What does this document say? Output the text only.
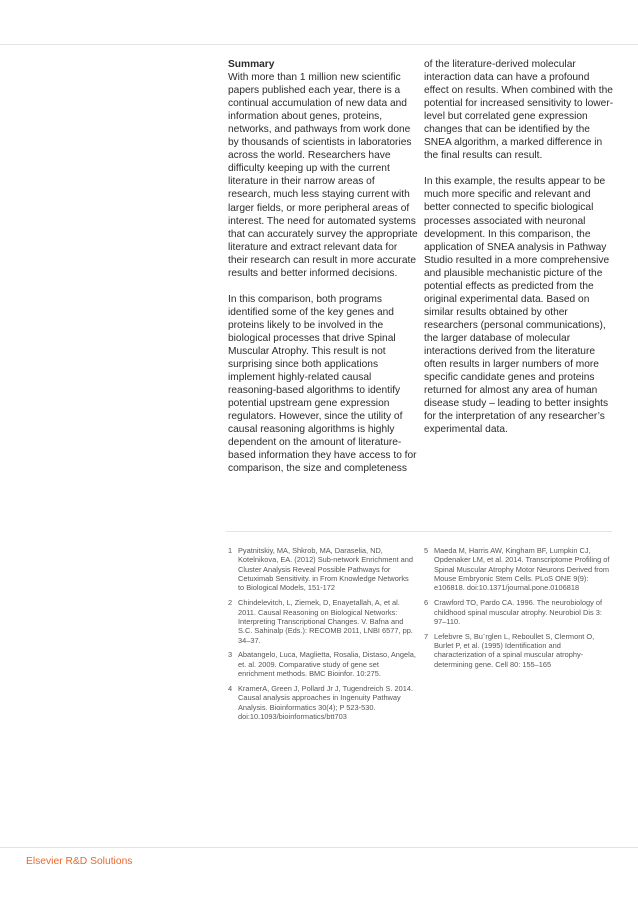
Summary

With more than 1 million new scientific papers published each year, there is a continual accumulation of new data and information about genes, proteins, networks, and pathways from work done by thousands of scientists in laboratories across the world. Researchers have difficulty keeping up with the current literature in their narrow areas of research, much less staying current with larger fields, or more peripheral areas of interest. The need for automated systems that can accurately survey the appropriate literature and extract relevant data for their research can result in more accurate results and better informed decisions.

In this comparison, both programs identified some of the key genes and proteins likely to be involved in the biological processes that drive Spinal Muscular Atrophy. This result is not surprising since both applications implement highly-related causal reasoning-based algorithms to identify potential upstream gene expression regulators. However, since the utility of causal reasoning algorithms is highly dependent on the amount of literature-based information they have access to for comparison, the size and completeness

of the literature-derived molecular interaction data can have a profound effect on results. When combined with the potential for increased sensitivity to lower-level but correlated gene expression changes that can be identified by the SNEA algorithm, a marked difference in the final results can result.

In this example, the results appear to be much more specific and relevant and better connected to specific biological processes associated with neuronal development. In this comparison, the application of SNEA analysis in Pathway Studio resulted in a more comprehensive and plausible mechanistic picture of the potential effects as predicted from the original experimental data. Based on similar results obtained by other researchers (personal communications), the larger database of molecular interactions derived from the literature often results in larger numbers of more specific candidate genes and proteins returned for almost any area of human disease study – leading to better insights for the interpretation of any researcher’s experimental data.

1 Pyatnitskiy, MA, Shkrob, MA, Daraselia, ND, Kotelnikova, EA. (2012) Sub-network Enrichment and Cluster Analysis Reveal Possible Pathways for Cetuximab Sensitivity. in From Knowledge Networks to Biological Models, 151-172
2 Chindelevitch, L, Ziemek, D, Enayetallah, A, et al. 2011. Causal Reasoning on Biological Networks: Interpreting Transcriptional Changes. V. Bafna and S.C. Sahinalp (Eds.): RECOMB 2011, LNBI 6577, pp. 34–37.
3 Abatangelo, Luca, Maglietta, Rosalia, Distaso, Angela, et. al. 2009. Comparative study of gene set enrichment methods. BMC Bioinfor. 10:275.
4 KramerA, Green J, Pollard Jr J, Tugendreich S. 2014. Causal analysis approaches in Ingenuity Pathway Analysis. Bioinformatics 30(4); P 523-530. doi:10.1093/bioinformatics/btt703
5 Maeda M, Harris AW, Kingham BF, Lumpkin CJ, Opdenaker LM, et al. 2014. Transcriptome Profiling of Spinal Muscular Atrophy Motor Neurons Derived from Mouse Embryonic Stem Cells. PLoS ONE 9(9): e106818. doi:10.1371/journal.pone.0106818
6 Crawford TO, Pardo CA. 1996. The neurobiology of childhood spinal muscular atrophy. Neurobiol Dis 3: 97–110.
7 Lefebvre S, Bu¨rglen L, Reboullet S, Clermont O, Burlet P, et al. (1995) Identification and characterization of a spinal muscular atrophy-determining gene. Cell 80: 155–165
Elsevier R&D Solutions
